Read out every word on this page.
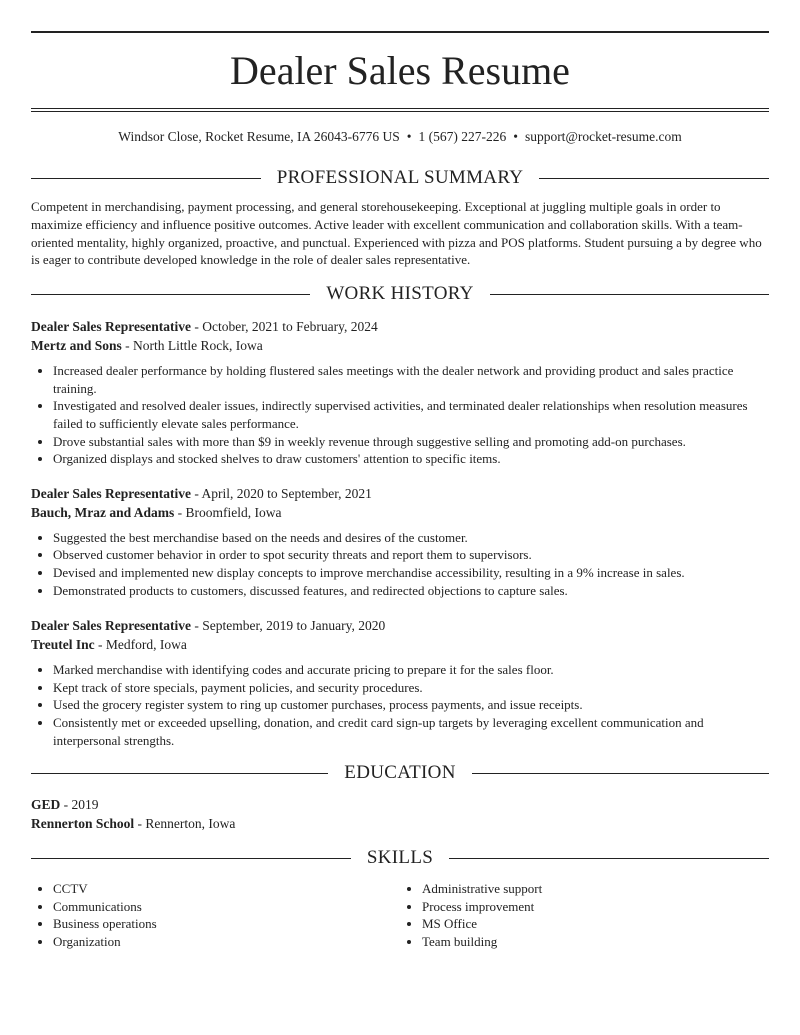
Dealer Sales Resume
Windsor Close, Rocket Resume, IA 26043-6776 US • 1 (567) 227-226 • support@rocket-resume.com
PROFESSIONAL SUMMARY

Competent in merchandising, payment processing, and general storehousekeeping. Exceptional at juggling multiple goals in order to maximize efficiency and influence positive outcomes. Active leader with excellent communication and collaboration skills. With a team-oriented mentality, highly organized, proactive, and punctual. Experienced with pizza and POS platforms. Student pursuing a by degree who is eager to contribute developed knowledge in the role of dealer sales representative.

WORK HISTORY
Dealer Sales Representative - October, 2021 to February, 2024
Mertz and Sons - North Little Rock, Iowa
• Increased dealer performance by holding flustered sales meetings with the dealer network and providing product and sales practice training.
• Investigated and resolved dealer issues, indirectly supervised activities, and terminated dealer relationships when resolution measures failed to sufficiently elevate sales performance.
• Drove substantial sales with more than $9 in weekly revenue through suggestive selling and promoting add-on purchases.
• Organized displays and stocked shelves to draw customers' attention to specific items.
Dealer Sales Representative - April, 2020 to September, 2021
Bauch, Mraz and Adams - Broomfield, Iowa
• Suggested the best merchandise based on the needs and desires of the customer.
• Observed customer behavior in order to spot security threats and report them to supervisors.
• Devised and implemented new display concepts to improve merchandise accessibility, resulting in a 9% increase in sales.
• Demonstrated products to customers, discussed features, and redirected objections to capture sales.
Dealer Sales Representative - September, 2019 to January, 2020
Treutel Inc - Medford, Iowa
• Marked merchandise with identifying codes and accurate pricing to prepare it for the sales floor.
• Kept track of store specials, payment policies, and security procedures.
• Used the grocery register system to ring up customer purchases, process payments, and issue receipts.
• Consistently met or exceeded upselling, donation, and credit card sign-up targets by leveraging excellent communication and interpersonal strengths.
EDUCATION
GED - 2019
Rennerton School - Rennerton, Iowa
SKILLS
• CCTV
• Communications
• Business operations
• Organization
• Administrative support
• Process improvement
• MS Office
• Team building
